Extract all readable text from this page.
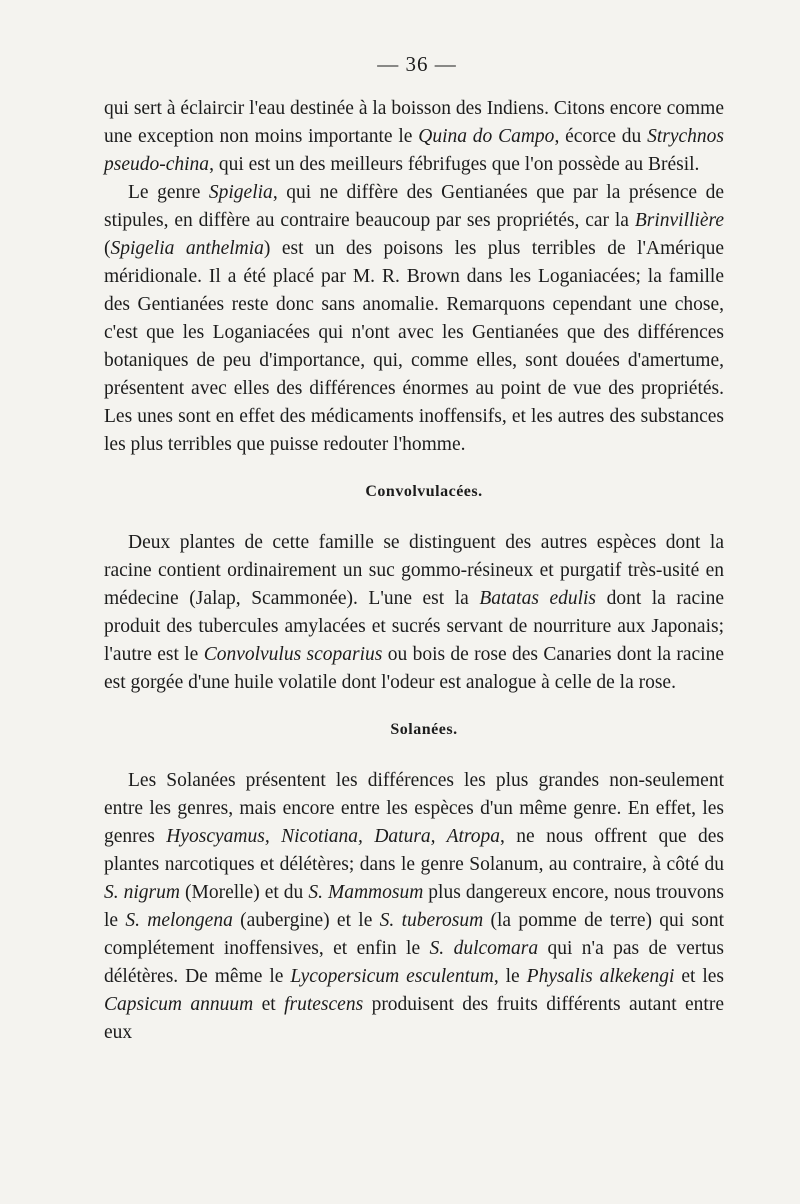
— 36 —

qui sert à éclaircir l'eau destinée à la boisson des Indiens. Citons encore comme une exception non moins importante le Quina do Campo, écorce du Strychnos pseudo-china, qui est un des meilleurs fébrifuges que l'on possède au Brésil.

Le genre Spigelia, qui ne diffère des Gentianées que par la présence de stipules, en diffère au contraire beaucoup par ses propriétés, car la Brinvillière (Spigelia anthelmia) est un des poisons les plus terribles de l'Amérique méridionale. Il a été placé par M. R. Brown dans les Loganiacées; la famille des Gentianées reste donc sans anomalie. Remarquons cependant une chose, c'est que les Loganiacées qui n'ont avec les Gentianées que des différences botaniques de peu d'importance, qui, comme elles, sont douées d'amertume, présentent avec elles des différences énormes au point de vue des propriétés. Les unes sont en effet des médicaments inoffensifs, et les autres des substances les plus terribles que puisse redouter l'homme.

Convolvulacées.

Deux plantes de cette famille se distinguent des autres espèces dont la racine contient ordinairement un suc gommo-résineux et purgatif très-usité en médecine (Jalap, Scammonée). L'une est la Batatas edulis dont la racine produit des tubercules amylacées et sucrés servant de nourriture aux Japonais; l'autre est le Convolvulus scoparius ou bois de rose des Canaries dont la racine est gorgée d'une huile volatile dont l'odeur est analogue à celle de la rose.

Solanées.

Les Solanées présentent les différences les plus grandes non-seulement entre les genres, mais encore entre les espèces d'un même genre. En effet, les genres Hyoscyamus, Nicotiana, Datura, Atropa, ne nous offrent que des plantes narcotiques et délétères; dans le genre Solanum, au contraire, à côté du S. nigrum (Morelle) et du S. Mammosum plus dangereux encore, nous trouvons le S. melongena (aubergine) et le S. tuberosum (la pomme de terre) qui sont complétement inoffensives, et enfin le S. dulcomara qui n'a pas de vertus délétères. De même le Lycopersicum esculentum, le Physalis alkekengi et les Capsicum annuum et frutescens produisent des fruits différents autant entre eux
